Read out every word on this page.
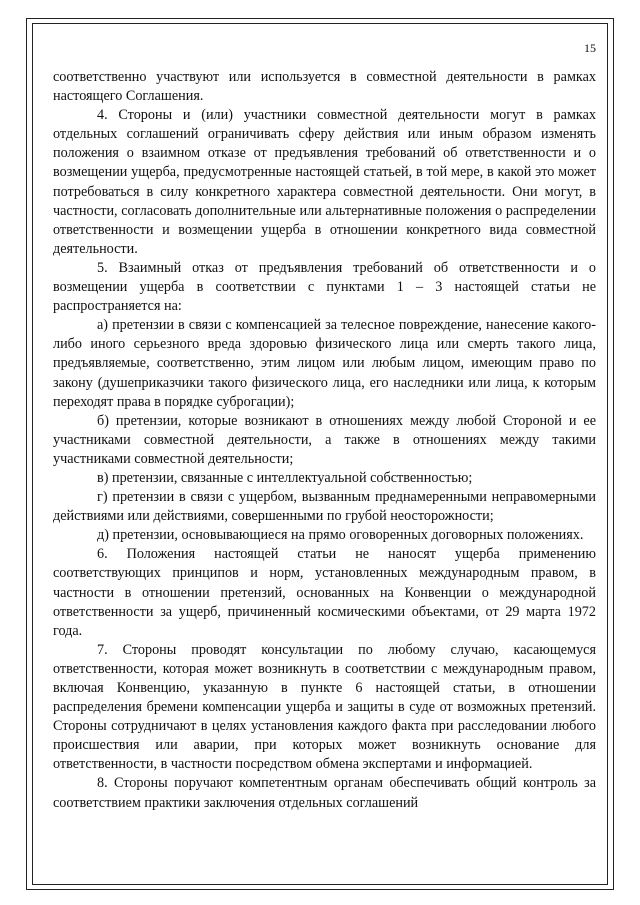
15

соответственно участвуют или используется в совместной деятельности в рамках настоящего Соглашения.

4. Стороны и (или) участники совместной деятельности могут в рамках отдельных соглашений ограничивать сферу действия или иным образом изменять положения о взаимном отказе от предъявления требований об ответственности и о возмещении ущерба, предусмотренные настоящей статьей, в той мере, в какой это может потребоваться в силу конкретного характера совместной деятельности. Они могут, в частности, согласовать дополнительные или альтернативные положения о распределении ответственности и возмещении ущерба в отношении конкретного вида совместной деятельности.

5. Взаимный отказ от предъявления требований об ответственности и о возмещении ущерба в соответствии с пунктами 1 – 3 настоящей статьи не распространяется на:

а) претензии в связи с компенсацией за телесное повреждение, нанесение какого-либо иного серьезного вреда здоровью физического лица или смерть такого лица, предъявляемые, соответственно, этим лицом или любым лицом, имеющим право по закону (душеприказчики такого физического лица, его наследники или лица, к которым переходят права в порядке суброгации);

б) претензии, которые возникают в отношениях между любой Стороной и ее участниками совместной деятельности, а также в отношениях между такими участниками совместной деятельности;

в) претензии, связанные с интеллектуальной собственностью;

г) претензии в связи с ущербом, вызванным преднамеренными неправомерными действиями или действиями, совершенными по грубой неосторожности;

д) претензии, основывающиеся на прямо оговоренных договорных положениях.

6. Положения настоящей статьи не наносят ущерба применению соответствующих принципов и норм, установленных международным правом, в частности в отношении претензий, основанных на Конвенции о международной ответственности за ущерб, причиненный космическими объектами, от 29 марта 1972 года.

7. Стороны проводят консультации по любому случаю, касающемуся ответственности, которая может возникнуть в соответствии с международным правом, включая Конвенцию, указанную в пункте 6 настоящей статьи, в отношении распределения бремени компенсации ущерба и защиты в суде от возможных претензий. Стороны сотрудничают в целях установления каждого факта при расследовании любого происшествия или аварии, при которых может возникнуть основание для ответственности, в частности посредством обмена экспертами и информацией.

8. Стороны поручают компетентным органам обеспечивать общий контроль за соответствием практики заключения отдельных соглашений
